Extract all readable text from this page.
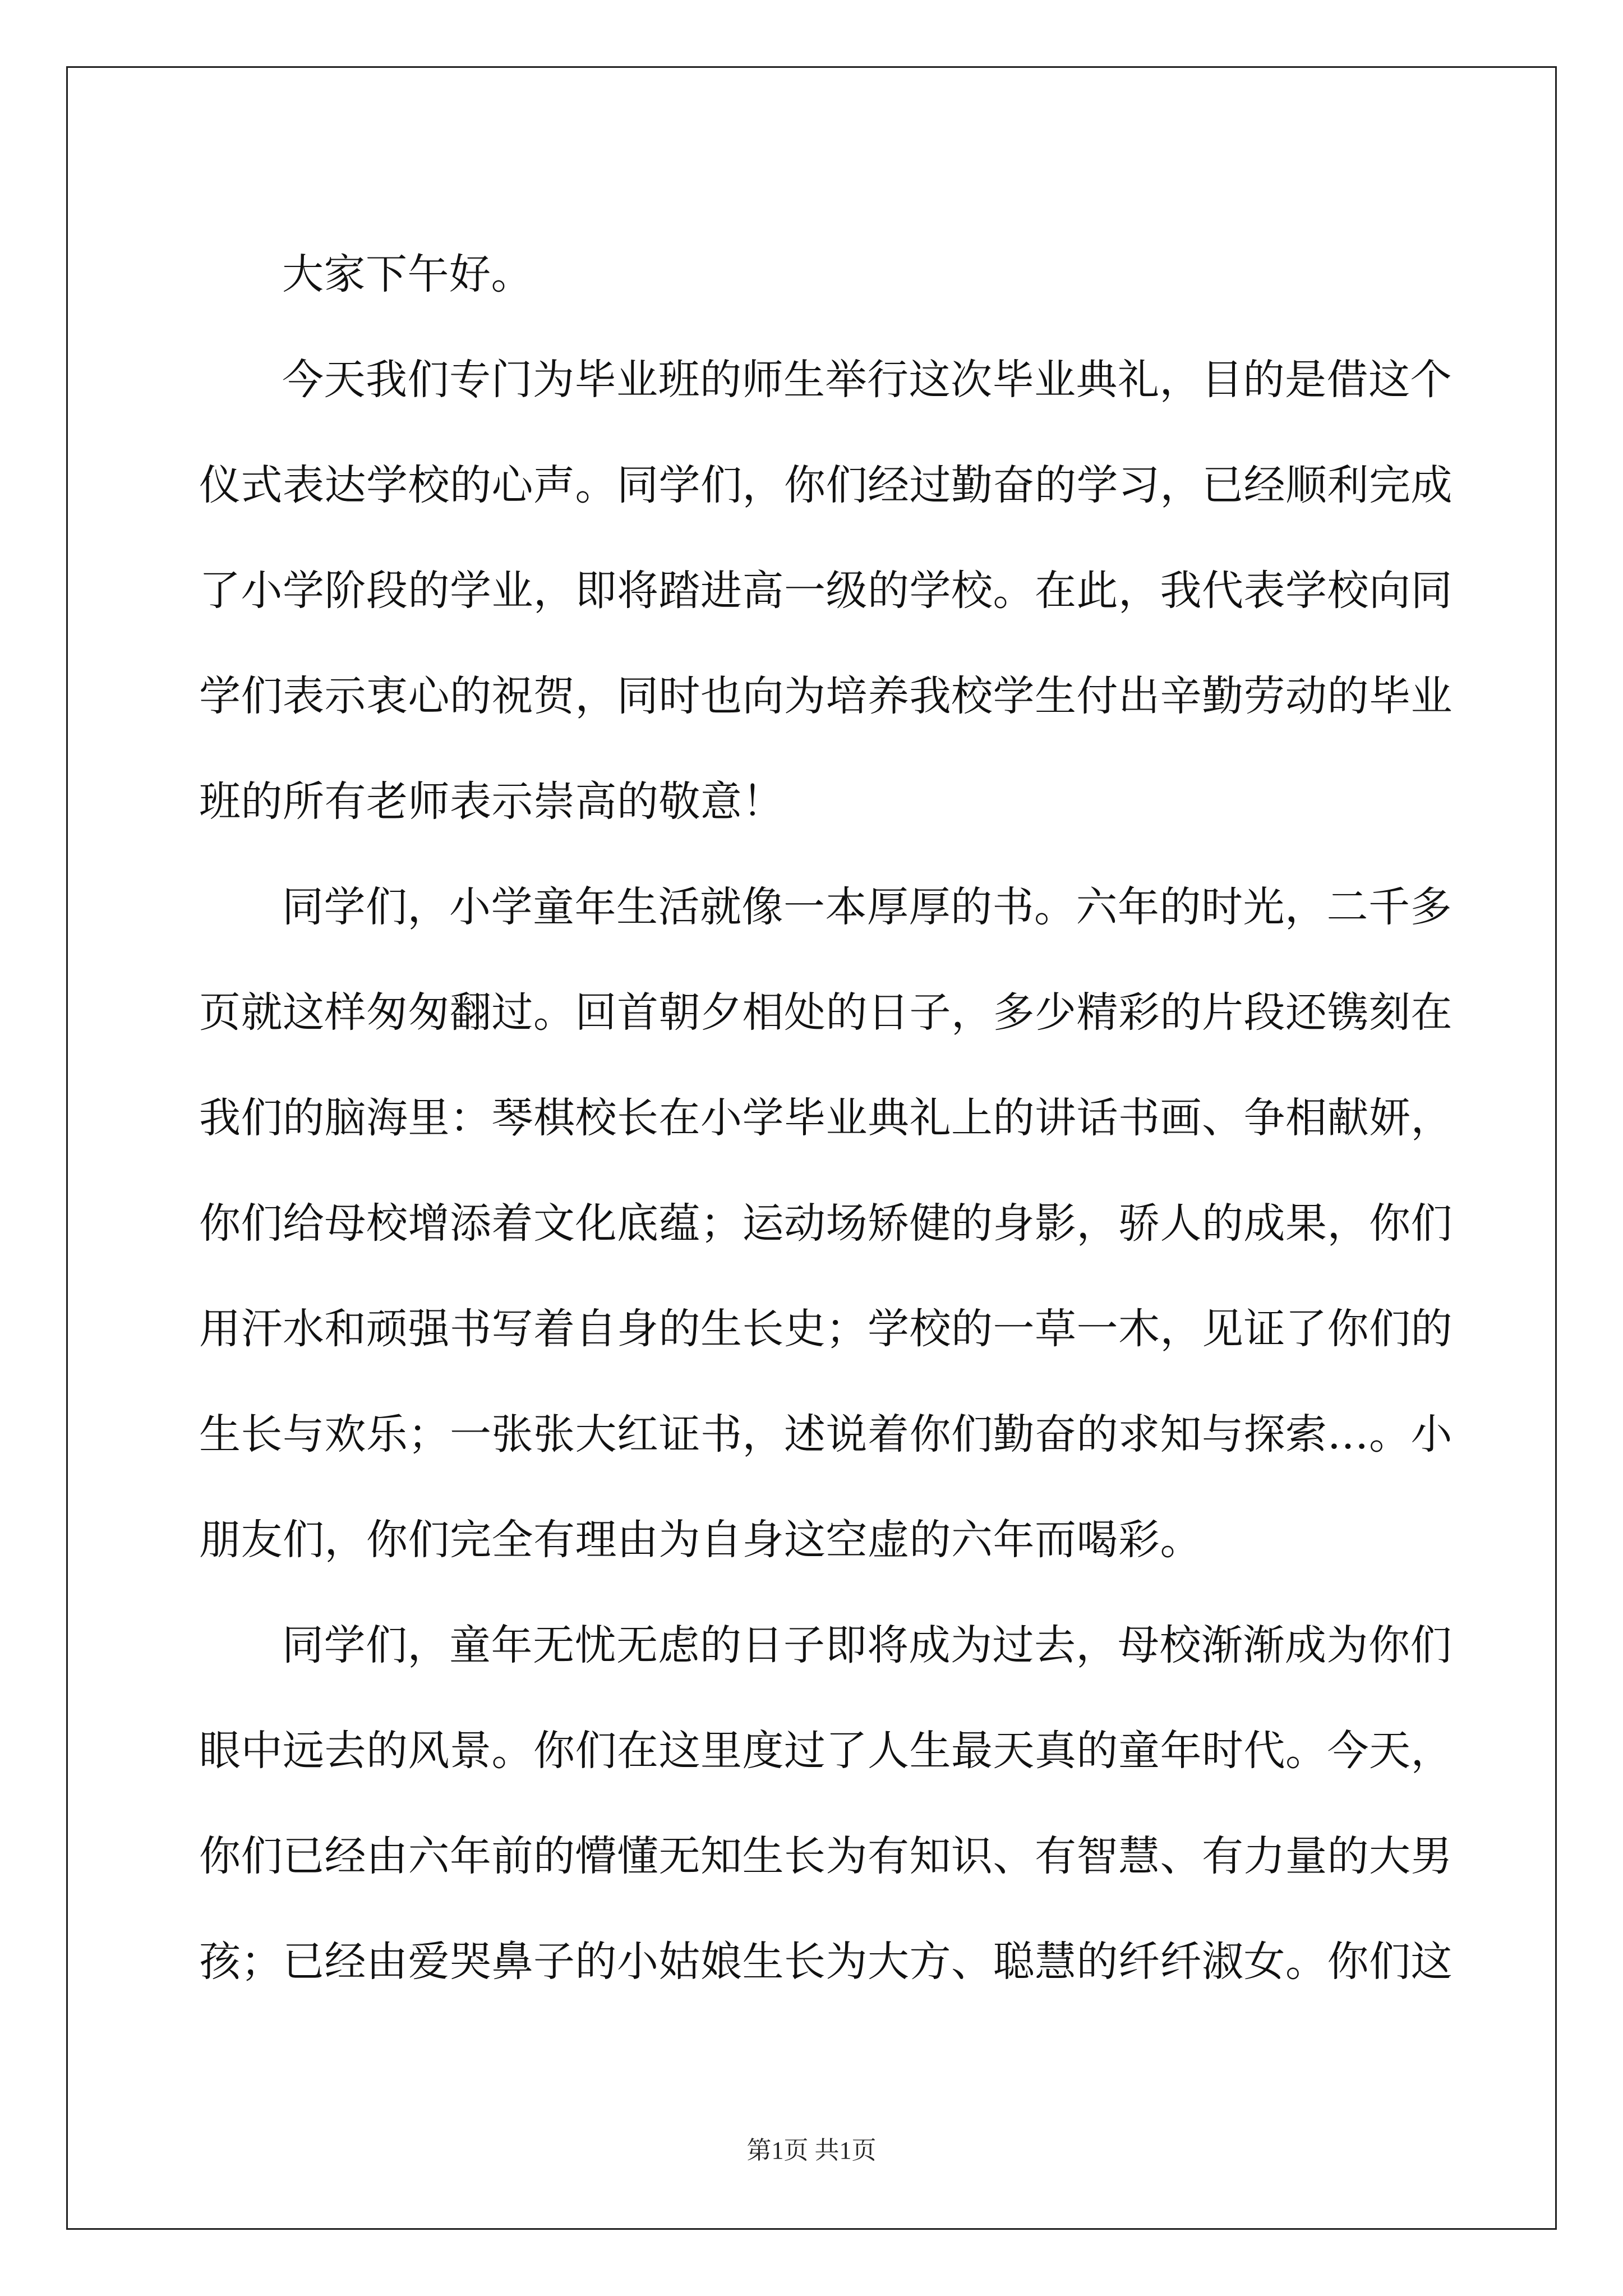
大家下午好。
今天我们专门为毕业班的师生举行这次毕业典礼，目的是借这个
仪式表达学校的心声。同学们，你们经过勤奋的学习，已经顺利完成
了小学阶段的学业，即将踏进高一级的学校。在此，我代表学校向同
学们表示衷心的祝贺，同时也向为培养我校学生付出辛勤劳动的毕业
班的所有老师表示崇高的敬意！
同学们，小学童年生活就像一本厚厚的书。六年的时光，二千多
页就这样匆匆翻过。回首朝夕相处的日子，多少精彩的片段还镌刻在
我们的脑海里：琴棋校长在小学毕业典礼上的讲话书画、争相献妍，
你们给母校增添着文化底蕴；运动场矫健的身影，骄人的成果，你们
用汗水和顽强书写着自身的生长史；学校的一草一木，见证了你们的
生长与欢乐；一张张大红证书，述说着你们勤奋的求知与探索…。小
朋友们，你们完全有理由为自身这空虚的六年而喝彩。
同学们，童年无忧无虑的日子即将成为过去，母校渐渐成为你们
眼中远去的风景。你们在这里度过了人生最天真的童年时代。今天，
你们已经由六年前的懵懂无知生长为有知识、有智慧、有力量的大男
孩；已经由爱哭鼻子的小姑娘生长为大方、聪慧的纤纤淑女。你们这
第1页 共1页
